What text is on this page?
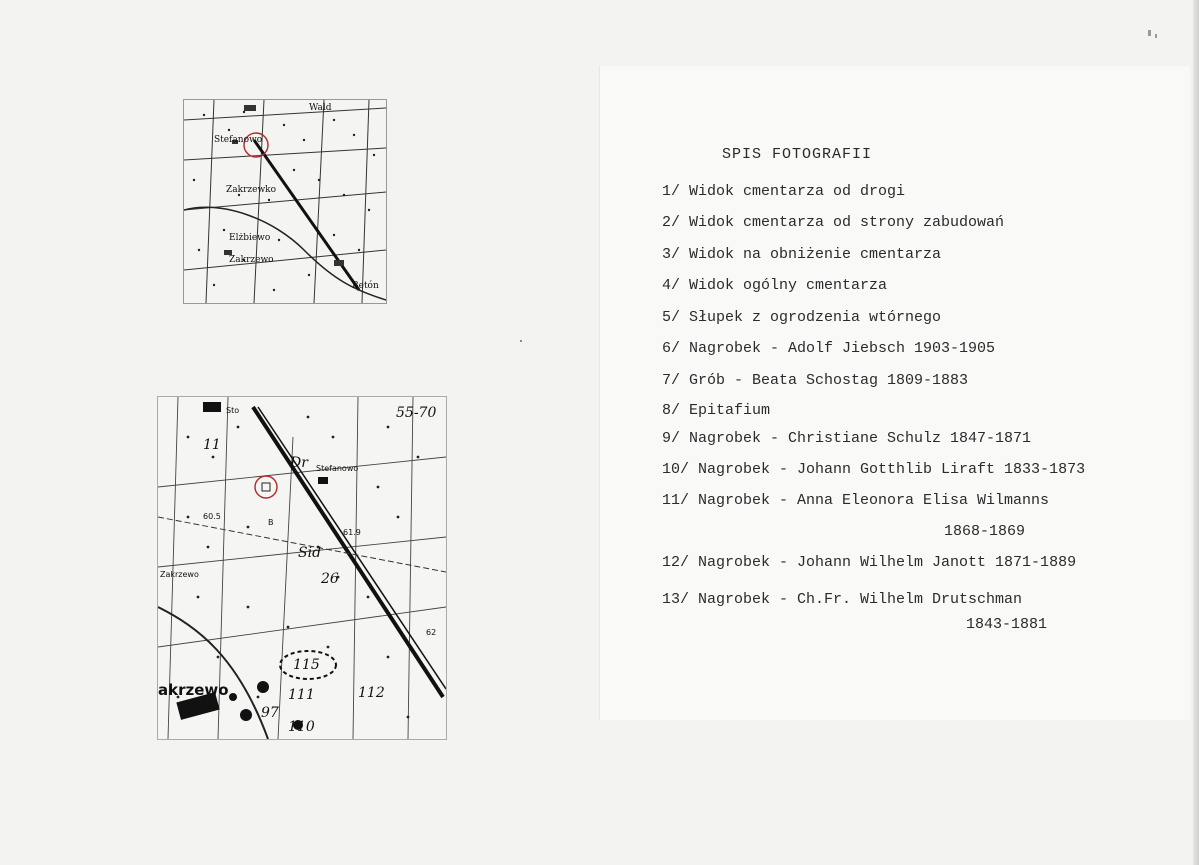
Stefanowo
Zakrzewko
Elżbiewo
Zakrzewo
Betón
Wald
Stefanowo
Zakrzewo
61.9
60.5
62
B
Sto
akrzewo
Dr
Sid
115
111	112
97
110
11
55-70
26
SPIS FOTOGRAFII
1/ Widok cmentarza od drogi
2/ Widok cmentarza od strony zabudowań
3/ Widok na obniżenie cmentarza
4/ Widok ogólny cmentarza
5/ Słupek z ogrodzenia wtórnego
6/ Nagrobek - Adolf Jiebsch 1903-1905
7/ Grób - Beata Schostag 1809-1883
8/ Epitafium
9/ Nagrobek - Christiane Schulz 1847-1871
10/ Nagrobek - Johann Gotthlib Liraft 1833-1873
11/ Nagrobek - Anna Eleonora Elisa Wilmanns
1868-1869
12/ Nagrobek - Johann Wilhelm Janott 1871-1889
13/ Nagrobek - Ch.Fr. Wilhelm Drutschman
1843-1881
